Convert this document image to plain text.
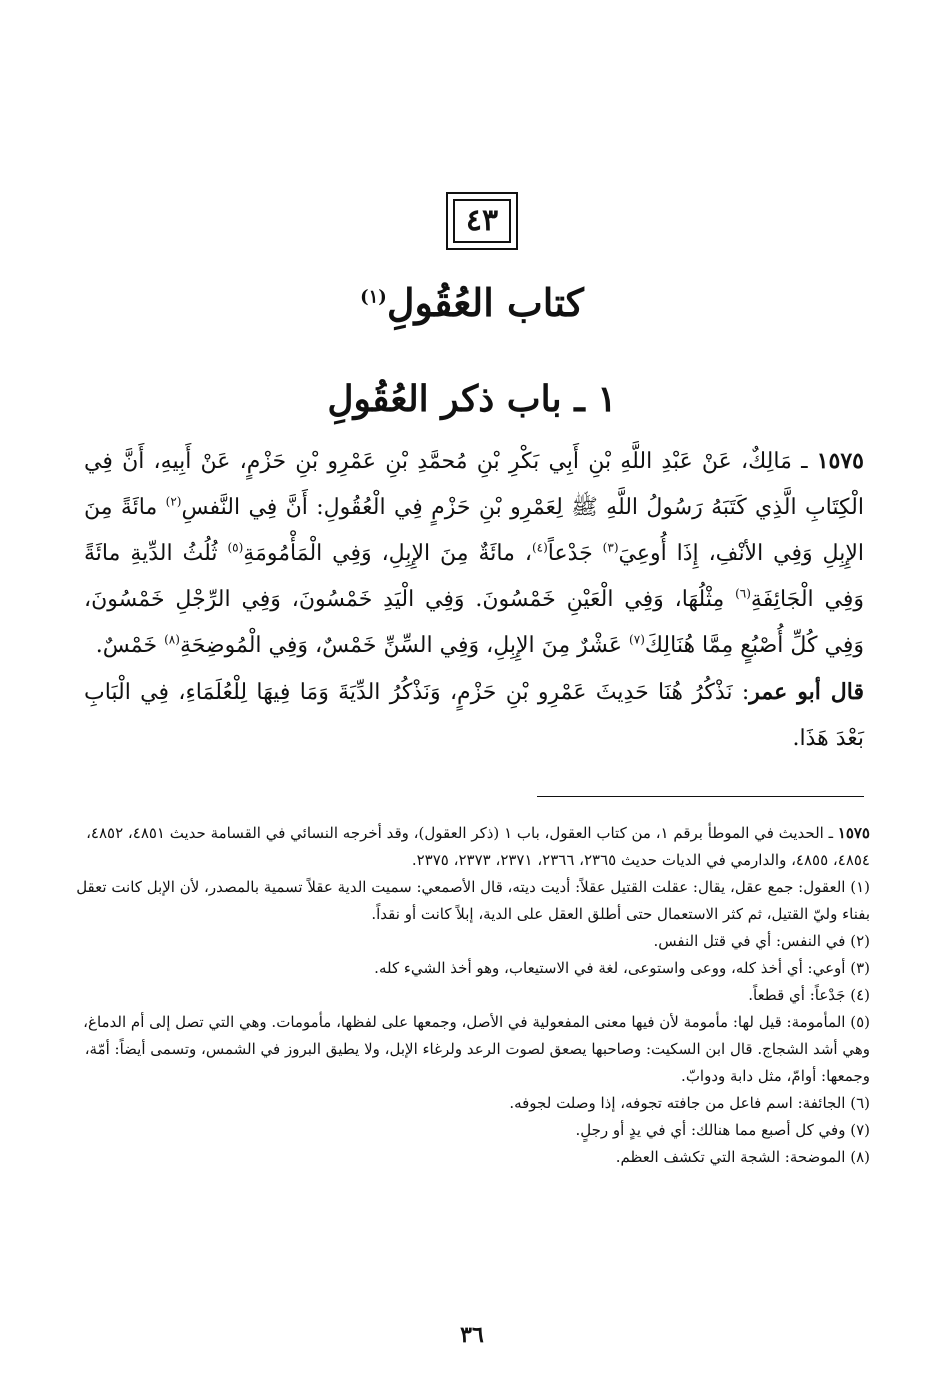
٤٣
كتاب العُقُولِ$^{(١)}$
١ ـ باب ذكر العُقُولِ

١٥٧٥ ـ مَالِكٌ، عَنْ عَبْدِ اللَّهِ بْنِ أَبِي بَكْرِ بْنِ مُحمَّدِ بْنِ عَمْرِو بْنِ حَزْمٍ، عَنْ أَبِيهِ، أَنَّ فِي الْكِتَابِ الَّذِي كَتَبَهُ رَسُولُ اللَّهِ ﷺ لِعَمْرِو بْنِ حَزْمٍ فِي الْعُقُولِ: أَنَّ فِي النَّفسِ$^{(٢)}$ مائَةً مِنَ الإِبِلِ وَفِي الأنْفِ، إِذَا أُوعِيَ$^{(٣)}$ جَدْعاً$^{(٤)}$، مائَةٌ مِنَ الإِبِلِ، وَفِي الْمَأْمُومَةِ$^{(٥)}$ ثُلُثُ الدِّيةِ مائَةً وَفِي الْجَائِفَةِ$^{(٦)}$ مِثْلُهَا، وَفِي الْعَيْنِ خَمْسُونَ. وَفِي الْيَدِ خَمْسُونَ، وَفِي الرِّجْلِ خَمْسُونَ، وَفِي كُلِّ أُصْبُعٍ مِمَّا هُنَالِكَ$^{(٧)}$ عَشْرٌ مِنَ الإِبِلِ، وَفِي السِّنِّ خَمْسٌ، وَفِي الْمُوضِحَةِ$^{(٨)}$ خَمْسٌ.

قال أبو عمر: نَذْكُرُ هُنَا حَدِيثَ عَمْرِو بْنِ حَزْمٍ، وَنَذْكُرُ الدِّيَةَ وَمَا فِيهَا لِلْعُلَمَاءِ، فِي الْبَابِ بَعْدَ هَذَا.

١٥٧٥ ـ الحديث في الموطأ برقم ١، من كتاب العقول، باب ١ (ذكر العقول)، وقد أخرجه النسائي في القسامة حديث ٤٨٥١، ٤٨٥٢، ٤٨٥٤، ٤٨٥٥، والدارمي في الديات حديث ٢٣٦٥، ٢٣٦٦، ٢٣٧١، ٢٣٧٣، ٢٣٧٥.

(١) العقول: جمع عقل، يقال: عقلت القتيل عقلاً: أديت ديته، قال الأصمعي: سميت الدية عقلاً تسمية بالمصدر، لأن الإبل كانت تعقل بفناء وليّ القتيل، ثم كثر الاستعمال حتى أطلق العقل على الدية، إبلاً كانت أو نقداً.

(٢) في النفس: أي في قتل النفس.

(٣) أوعي: أي أخذ كله، ووعى واستوعى، لغة في الاستيعاب، وهو أخذ الشيء كله.

(٤) جَدْعاً: أي قطعاً.

(٥) المأمومة: قيل لها: مأمومة لأن فيها معنى المفعولية في الأصل، وجمعها على لفظها، مأمومات. وهي التي تصل إلى أم الدماغ، وهي أشد الشجاج. قال ابن السكيت: وصاحبها يصعق لصوت الرعد ولرغاء الإبل، ولا يطيق البروز في الشمس، وتسمى أيضاً: أمّة، وجمعها: أوامّ، مثل دابة ودوابّ.

(٦) الجائفة: اسم فاعل من جافته تجوفه، إذا وصلت لجوفه.

(٧) وفي كل أصبع مما هنالك: أي في يدٍ أو رجلٍ.

(٨) الموضحة: الشجة التي تكشف العظم.

٣٦
